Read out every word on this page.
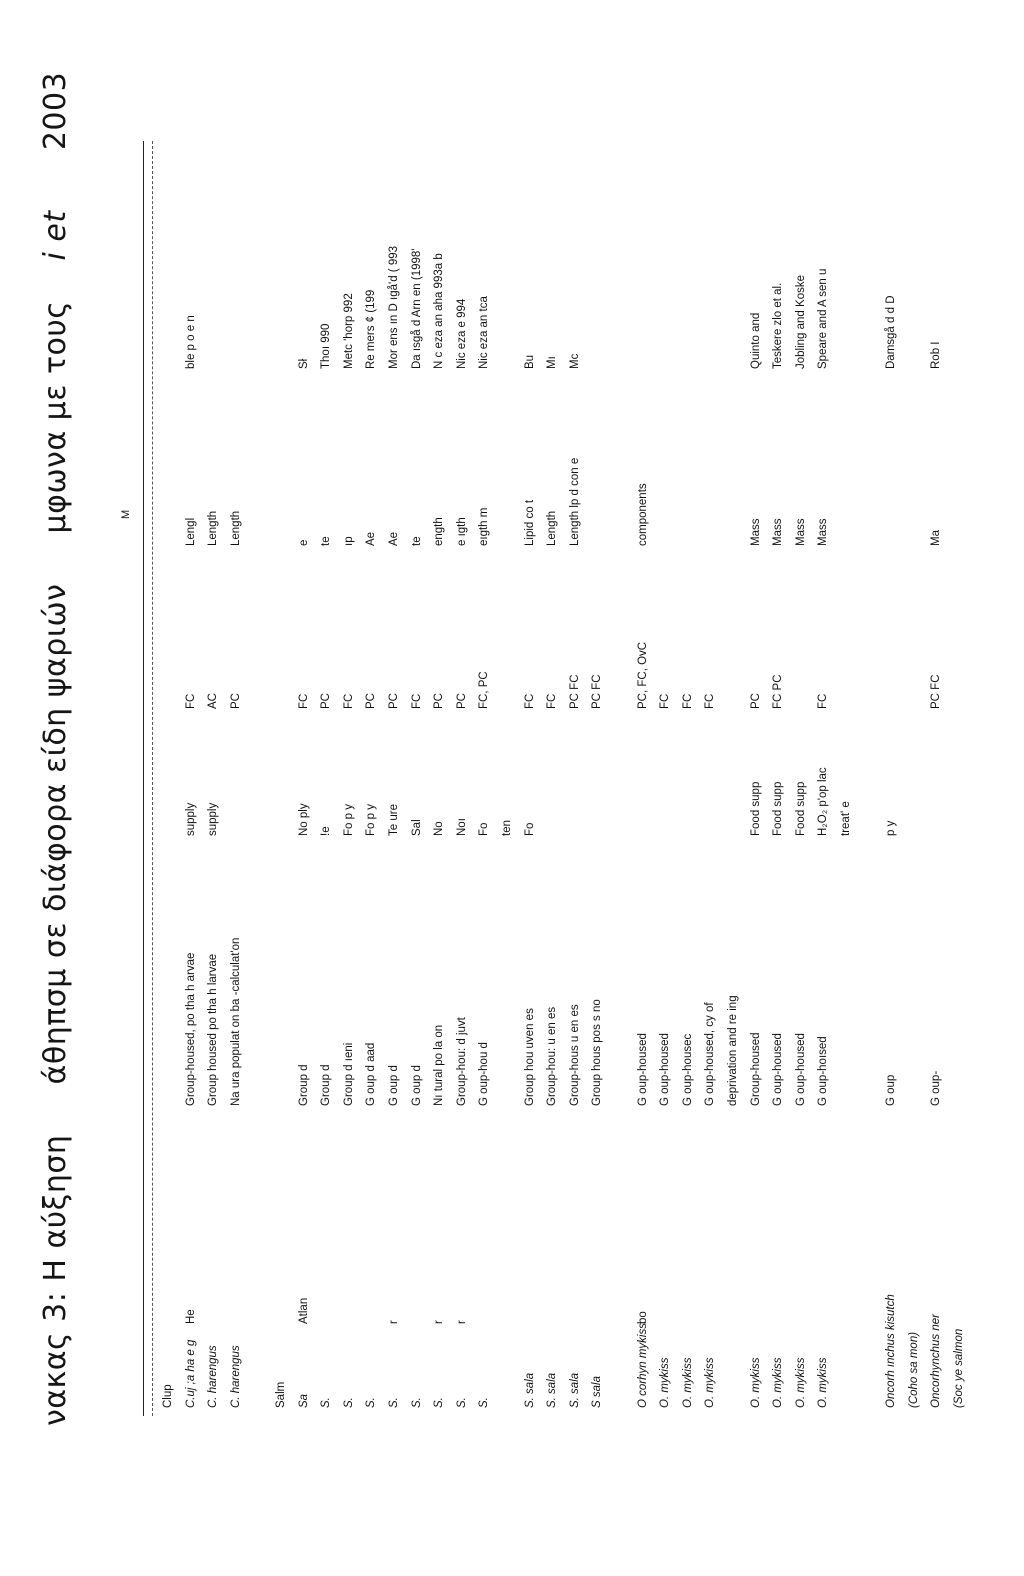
νακας 3: Η αύξηση     άθηπσμ σε διάφορα είδη ψαριών     μφωνα με τους    i et      2003
M
Clup C.uj ;a ha e g
He
Group-housed, po tha h arvae
supply
FC
Lengl
ble p o e n
C. harengus
Group housed po tha h larvae
supply
AC
Length
C. harengus
Na ura populat on ba -calculat'on
PC
Length
Salm Sa
Atlan
Group d
No ply
FC
e
Sł
S.
Group d
!e
PC
te
Thoı 990
S.
Group d ıeni
Fo p y
FC
ıp
Metc 'horp 992
S.
G oup d aad
Fo p y
PC
Ae
Re mers ¢ (199
S.
r
G oup d
Te ure
PC
Ae
Mor ens ın D ıgå'd ( 993
S.
G oup d
Sal
FC
te
Da ısgå d Arn en (1998'
S.
r
Nı tural po la on
No
PC
ength
N c eza an aha 993a b
S.
r
Group-hou: d juvt
Noı
PC
e ıgth
Nic eza e 994
S.
G oup-hou d
Fo
FC, PC
eıgth m
Nic eza an tca
ten
S. sala
Group hou uven es
Fo
FC
Lipid co t
Bu
S. sala
Group-hou: u en es
FC
Length
Mı
S. sala
Group-hous u en es
PC FC
Length lp d con e
Mc
S sala
Group hous pos s no
PC FC
O corhyn mykiss
bo
G oup-housed
PC, FC, OvC
components
O. mykiss
G oup-housed
FC
O. mykiss
G oup-housec
FC
O. mykiss
G oup-housed, cy of
FC
deprivation and re ing
O. mykiss
Group-housed
Food supp
PC
Mass
Quinto and
O. mykiss
G oup-housed
Food supp
FC PC
Mass
Teskere zlo et al.
O. mykiss
G oup-housed
Food supp
Mass
Jobling and Koske
O. mykiss
G oup-hoısed
H₂O₂ p'op lac
FC
Mass
Speare and A sen u
treat' e
Oncorh ınchus kisutch
G oup
p y
Damsgå d d D
(Coho sa mon) Oncorhynchus ner
G oup-
PC FC
Ma
Rob I
(Soc ye salmon
